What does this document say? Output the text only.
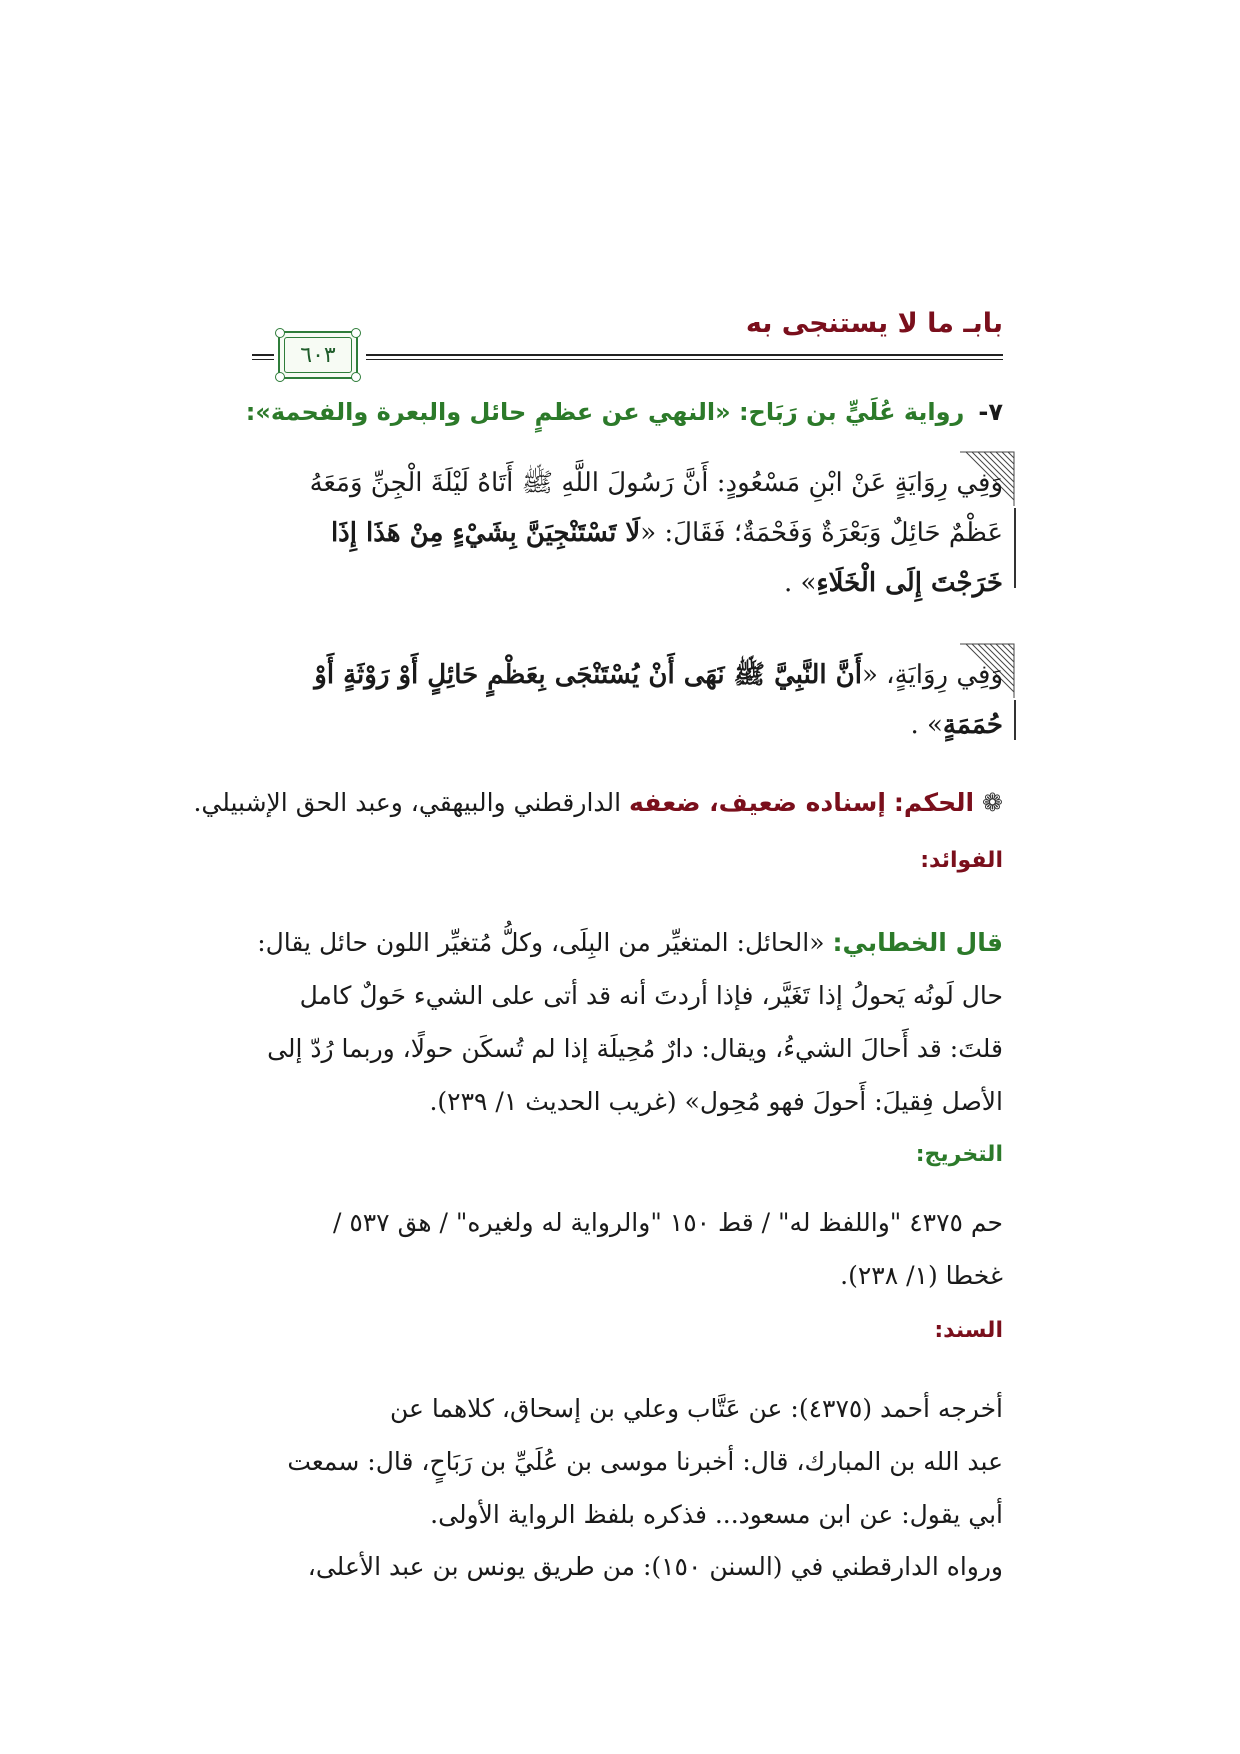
بابـ ما لا يستنجى به
٦٠٣
٧-رواية عُلَيٍّ بن رَبَاح: «النهي عن عظمٍ حائل والبعرة والفحمة»:
وَفِي رِوَايَةٍ عَنْ ابْنِ مَسْعُودٍ: أَنَّ رَسُولَ اللَّهِ ﷺ أَتَاهُ لَيْلَةَ الْجِنِّ وَمَعَهُ
عَظْمٌ حَائِلٌ وَبَعْرَةٌ وَفَحْمَةٌ؛ فَقَالَ: «لَا تَسْتَنْجِيَنَّ بِشَيْءٍ مِنْ هَذَا إِذَا
خَرَجْتَ إِلَى الْخَلَاءِ» .
وَفِي رِوَايَةٍ، «أَنَّ النَّبِيَّ ﷺ نَهَى أَنْ يُسْتَنْجَى بِعَظْمٍ حَائِلٍ أَوْ رَوْثَةٍ أَوْ
حُمَمَةٍ» .
❁الحكم: إسناده ضعيف، ضعفه الدارقطني والبيهقي، وعبد الحق الإشبيلي.
الفوائد:
قال الخطابي: «الحائل: المتغيِّر من البِلَى، وكلُّ مُتغيِّر اللون حائل يقال:
حال لَونُه يَحولُ إذا تَغَيَّر، فإذا أردتَ أنه قد أتى على الشيء حَولٌ كامل
قلتَ: قد أَحالَ الشيءُ، ويقال: دارٌ مُحِيلَة إذا لم تُسكَن حولًا، وربما رُدّ إلى
الأصل فِقيلَ: أَحولَ فهو مُحِول» (غريب الحديث ١/ ٢٣٩).
التخريج:
حم ٤٣٧٥ "واللفظ له" / قط ١٥٠ "والرواية له ولغيره" / هق ٥٣٧ /
غخطا (١/ ٢٣٨).
السند:
أخرجه أحمد (٤٣٧٥): عن عَتَّاب وعلي بن إسحاق، كلاهما عن
عبد الله بن المبارك، قال: أخبرنا موسى بن عُلَيِّ بن رَبَاحٍ، قال: سمعت
أبي يقول: عن ابن مسعود... فذكره بلفظ الرواية الأولى.
ورواه الدارقطني في (السنن ١٥٠): من طريق يونس بن عبد الأعلى،
